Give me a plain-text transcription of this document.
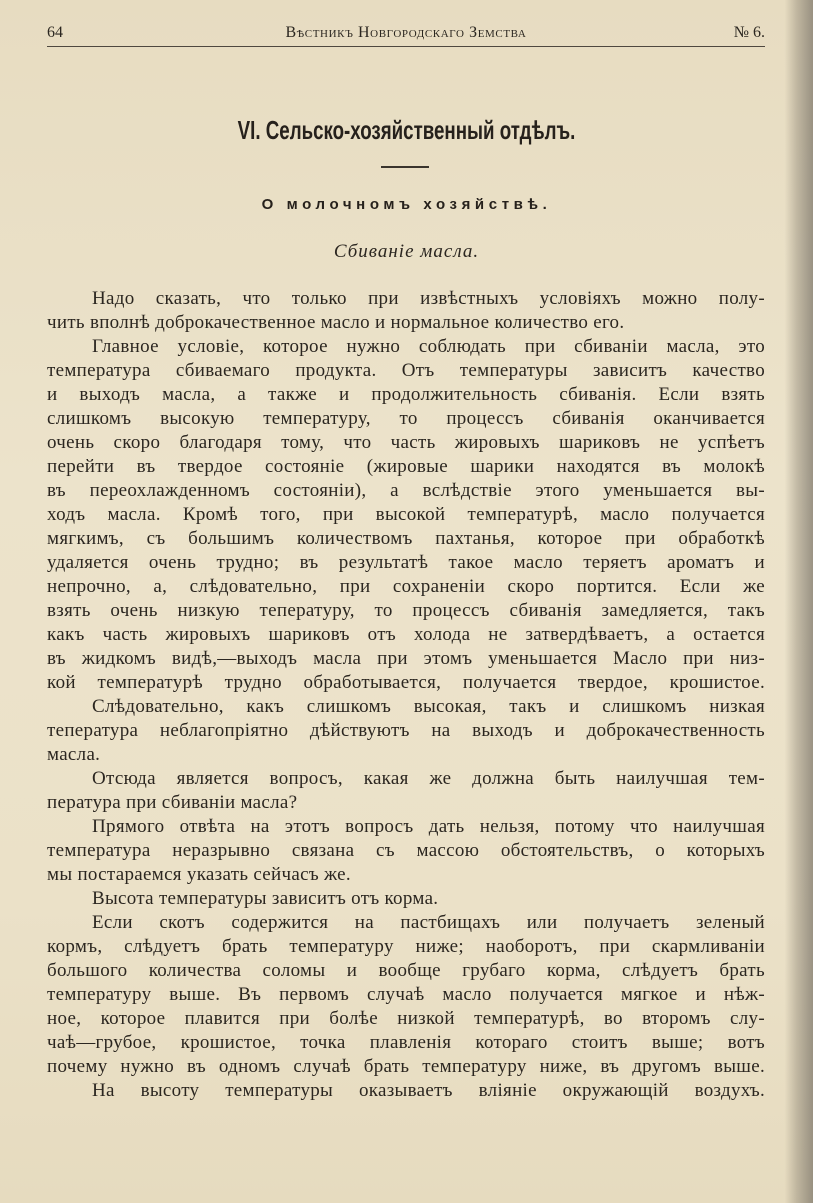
64	Вѣстникъ Новгородскаго Земства	№ 6.
VI. Сельско-хозяйственный отдѣлъ.
О молочномъ хозяйствѣ.
Сбиваніе масла.
Надо сказать, что только при извѣстныхъ условіяхъ можно полу-
чить вполнѣ доброкачественное масло и нормальное количество его.
Главное условіе, которое нужно соблюдать при сбиваніи масла, это
температура сбиваемаго продукта. Отъ температуры зависитъ качество
и выходъ масла, а также и продолжительность сбиванія. Если взять
слишкомъ высокую температуру, то процессъ сбиванія оканчивается
очень скоро благодаря тому, что часть жировыхъ шариковъ не успѣетъ
перейти въ твердое состояніе (жировые шарики находятся въ молокѣ
въ переохлажденномъ состояніи), а вслѣдствіе этого уменьшается вы-
ходъ масла. Кромѣ того, при высокой температурѣ, масло получается
мягкимъ, съ большимъ количествомъ пахтанья, которое при обработкѣ
удаляется очень трудно; въ результатѣ такое масло теряетъ ароматъ и
непрочно, а, слѣдовательно, при сохраненіи скоро портится. Если же
взять очень низкую тепературу, то процессъ сбиванія замедляется, такъ
какъ часть жировыхъ шариковъ отъ холода не затвердѣваетъ, а остается
въ жидкомъ видѣ,—выходъ масла при этомъ уменьшается Масло при низ-
кой температурѣ трудно обработывается, получается твердое, крошистое.
Слѣдовательно, какъ слишкомъ высокая, такъ и слишкомъ низкая
тепература неблагопріятно дѣйствуютъ на выходъ и доброкачественность
масла.
Отсюда является вопросъ, какая же должна быть наилучшая тем-
пература при сбиваніи масла?
Прямого отвѣта на этотъ вопросъ дать нельзя, потому что наилучшая
температура неразрывно связана съ массою обстоятельствъ, о которыхъ
мы постараемся указать сейчасъ же.
Высота температуры зависитъ отъ корма.
Если скотъ содержится на пастбищахъ или получаетъ зеленый
кормъ, слѣдуетъ брать температуру ниже; наоборотъ, при скармливаніи
большого количества соломы и вообще грубаго корма, слѣдуетъ брать
температуру выше. Въ первомъ случаѣ масло получается мягкое и нѣж-
ное, которое плавится при болѣе низкой температурѣ, во второмъ слу-
чаѣ—грубое, крошистое, точка плавленія котораго стоитъ выше; вотъ
почему нужно въ одномъ случаѣ брать температуру ниже, въ другомъ выше.
На высоту температуры оказываетъ вліяніе окружающій воздухъ.
